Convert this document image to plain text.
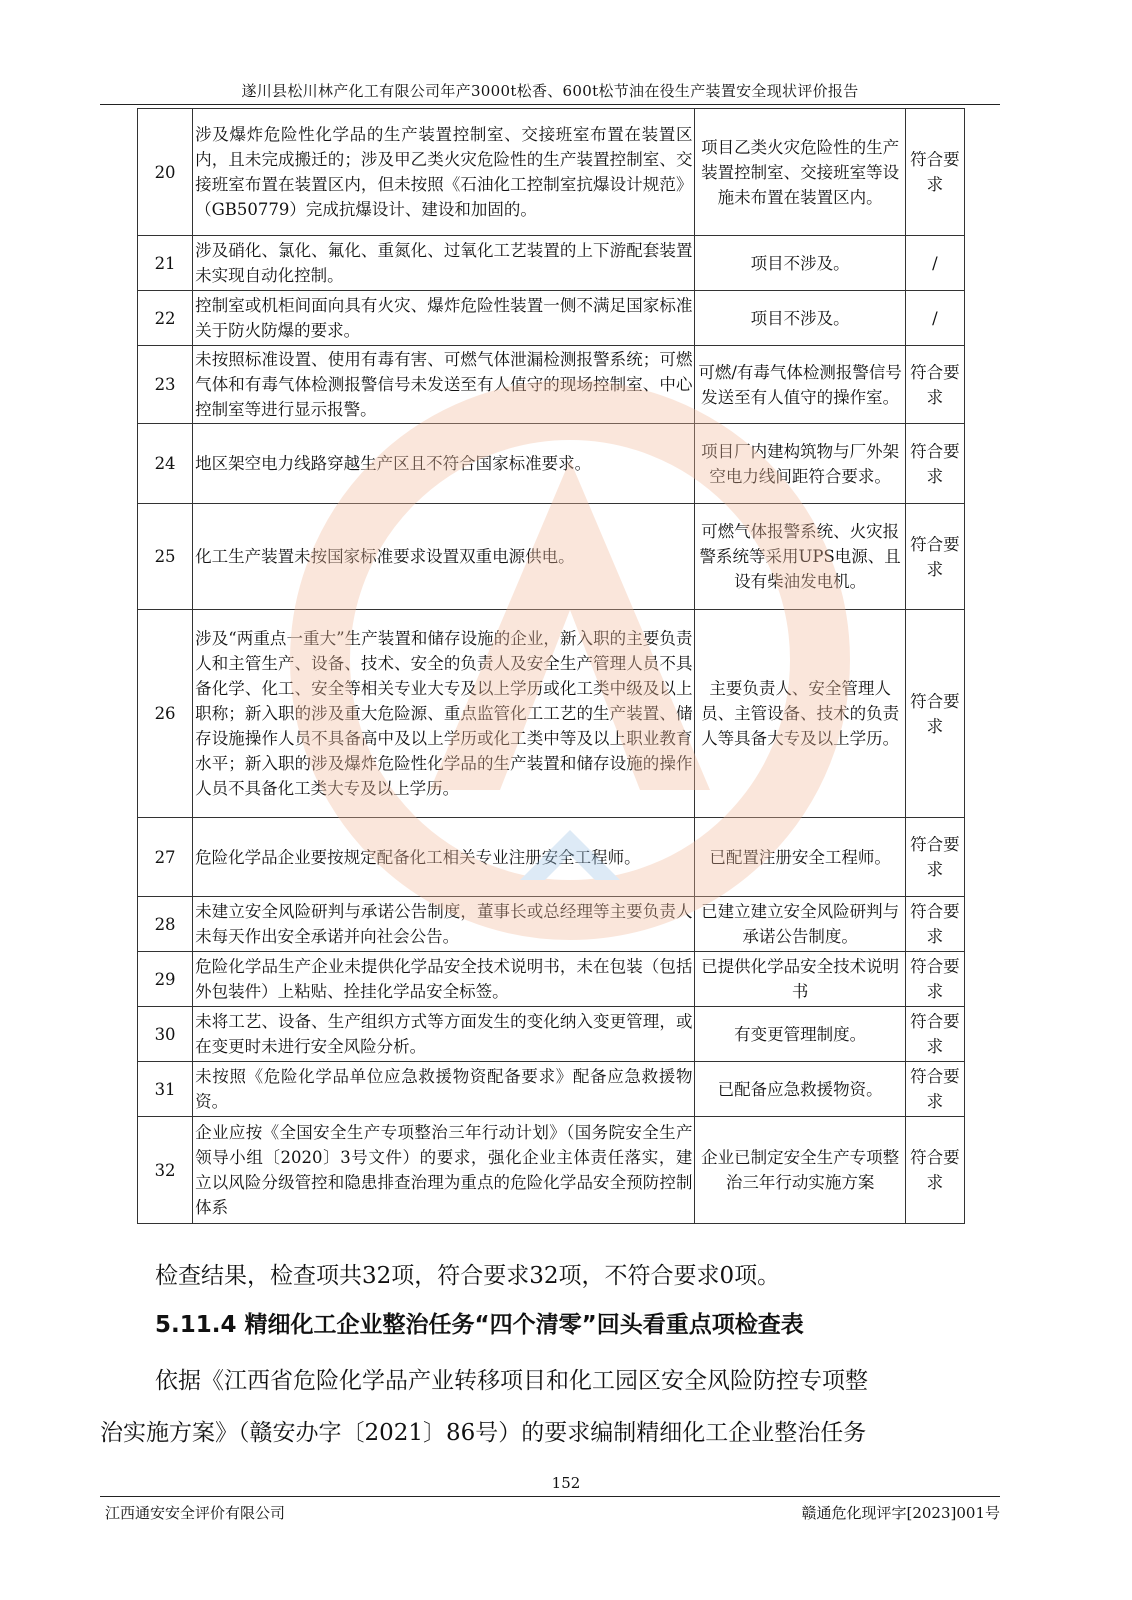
遂川县松川林产化工有限公司年产3000t松香、600t松节油在役生产装置安全现状评价报告
20	涉及爆炸危险性化学品的生产装置控制室、交接班室布置在装置区内，且未完成搬迁的；涉及甲乙类火灾危险性的生产装置控制室、交接班室布置在装置区内，但未按照《石油化工控制室抗爆设计规范》（GB50779）完成抗爆设计、建设和加固的。	项目乙类火灾危险性的生产装置控制室、交接班室等设施未布置在装置区内。	符合要求
21	涉及硝化、氯化、氟化、重氮化、过氧化工艺装置的上下游配套装置未实现自动化控制。	项目不涉及。	/
22	控制室或机柜间面向具有火灾、爆炸危险性装置一侧不满足国家标准关于防火防爆的要求。	项目不涉及。	/
23	未按照标准设置、使用有毒有害、可燃气体泄漏检测报警系统；可燃气体和有毒气体检测报警信号未发送至有人值守的现场控制室、中心控制室等进行显示报警。	可燃/有毒气体检测报警信号发送至有人值守的操作室。	符合要求
24	地区架空电力线路穿越生产区且不符合国家标准要求。	项目厂内建构筑物与厂外架空电力线间距符合要求。	符合要求
25	化工生产装置未按国家标准要求设置双重电源供电。	可燃气体报警系统、火灾报警系统等采用UPS电源、且设有柴油发电机。	符合要求
26	涉及“两重点一重大”生产装置和储存设施的企业，新入职的主要负责人和主管生产、设备、技术、安全的负责人及安全生产管理人员不具备化学、化工、安全等相关专业大专及以上学历或化工类中级及以上职称；新入职的涉及重大危险源、重点监管化工工艺的生产装置、储存设施操作人员不具备高中及以上学历或化工类中等及以上职业教育水平；新入职的涉及爆炸危险性化学品的生产装置和储存设施的操作人员不具备化工类大专及以上学历。	主要负责人、安全管理人员、主管设备、技术的负责人等具备大专及以上学历。	符合要求
27	危险化学品企业要按规定配备化工相关专业注册安全工程师。	已配置注册安全工程师。	符合要求
28	未建立安全风险研判与承诺公告制度，董事长或总经理等主要负责人未每天作出安全承诺并向社会公告。	已建立建立安全风险研判与承诺公告制度。	符合要求
29	危险化学品生产企业未提供化学品安全技术说明书，未在包装（包括外包装件）上粘贴、拴挂化学品安全标签。	已提供化学品安全技术说明书	符合要求
30	未将工艺、设备、生产组织方式等方面发生的变化纳入变更管理，或在变更时未进行安全风险分析。	有变更管理制度。	符合要求
31	未按照《危险化学品单位应急救援物资配备要求》配备应急救援物资。	已配备应急救援物资。	符合要求
32	企业应按《全国安全生产专项整治三年行动计划》（国务院安全生产领导小组〔2020〕3号文件）的要求，强化企业主体责任落实，建立以风险分级管控和隐患排查治理为重点的危险化学品安全预防控制体系	企业已制定安全生产专项整治三年行动实施方案	符合要求
检查结果，检查项共32项，符合要求32项，不符合要求0项。
5.11.4 精细化工企业整治任务“四个清零”回头看重点项检查表
依据《江西省危险化学品产业转移项目和化工园区安全风险防控专项整
治实施方案》（赣安办字〔2021〕86号）的要求编制精细化工企业整治任务
152
江西通安安全评价有限公司	赣通危化现评字[2023]001号
